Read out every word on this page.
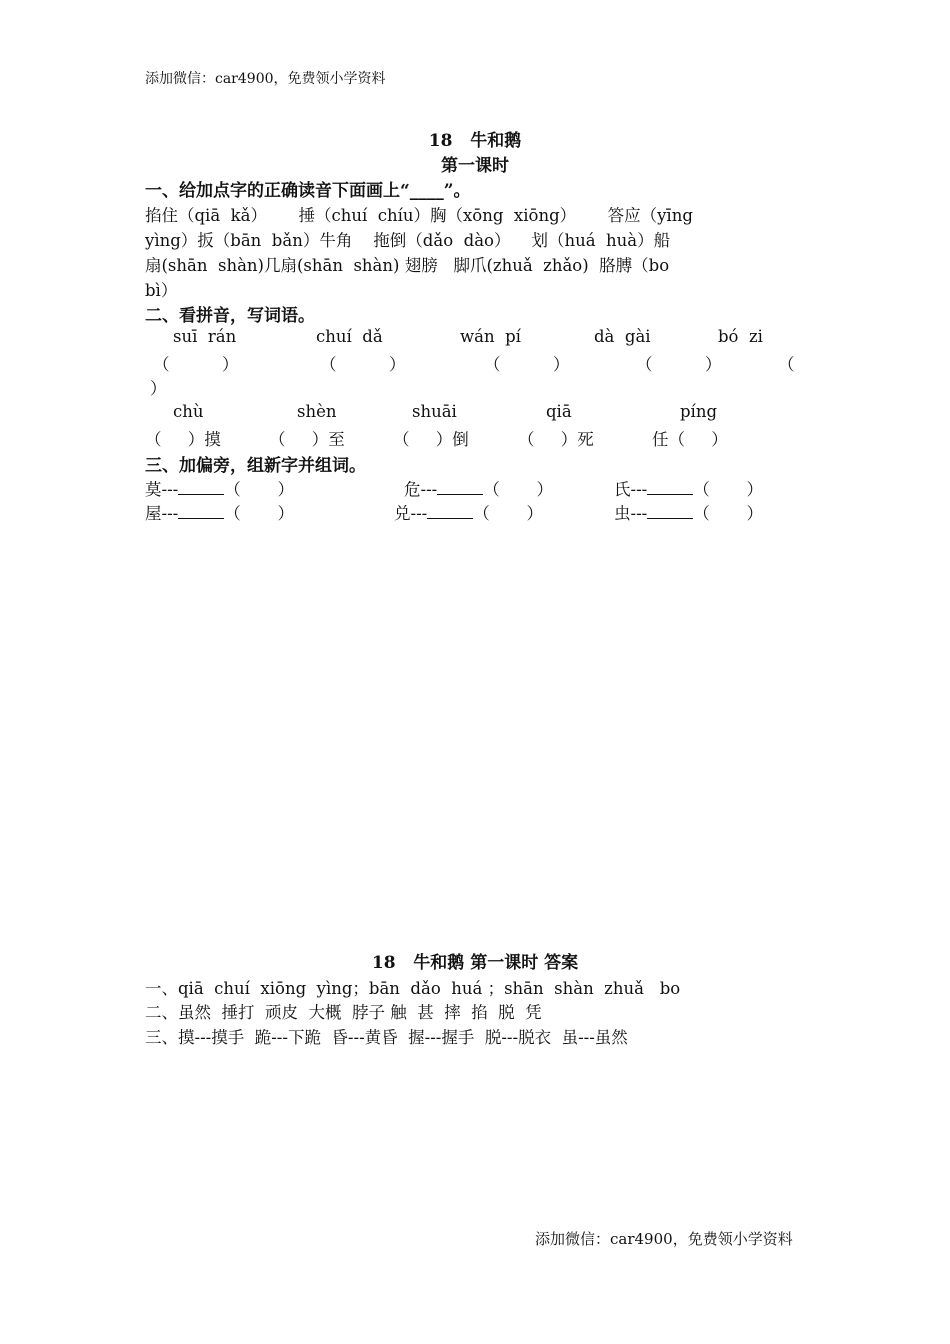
添加微信：car4900，免费领小学资料
18   牛和鹅
第一课时
一、给加点字的正确读音下面画上“____”。
掐住（qiā  kǎ）      捶（chuí  chíu）胸（xōng  xiōng）      答应（yīng
yìng）扳（bān  bǎn）牛角    拖倒（dǎo  dào）    划（huá  huà）船
扇(shān  shàn)几扇(shān  shàn) 翅膀   脚爪(zhuǎ  zhǎo)  胳膊（bo
bì）
二、看拼音，写词语。
suī  rán	chuí  dǎ	wán  pí	dà  gài	bó  zi
（          ）	（          ）	（          ）	（          ）	（
）
chù	shèn	shuāi	qiā	píng
（     ）摸	（     ）至	（     ）倒	（     ）死	任（     ）
三、加偏旁，组新字并组词。
莫---	（       ）	危---	（       ）	氏---	（       ）
屋---	（       ）	兑---	（       ）	虫---	（       ）
18   牛和鹅 第一课时 答案
一、qiā  chuí  xiōng  yìng；bān  dǎo  huá ；shān  shàn  zhuǎ   bo
二、虽然  捶打  顽皮  大概  脖子 触  甚  摔  掐  脱  凭
三、摸---摸手  跪---下跪  昏---黄昏  握---握手  脱---脱衣  虽---虽然
添加微信：car4900，免费领小学资料
